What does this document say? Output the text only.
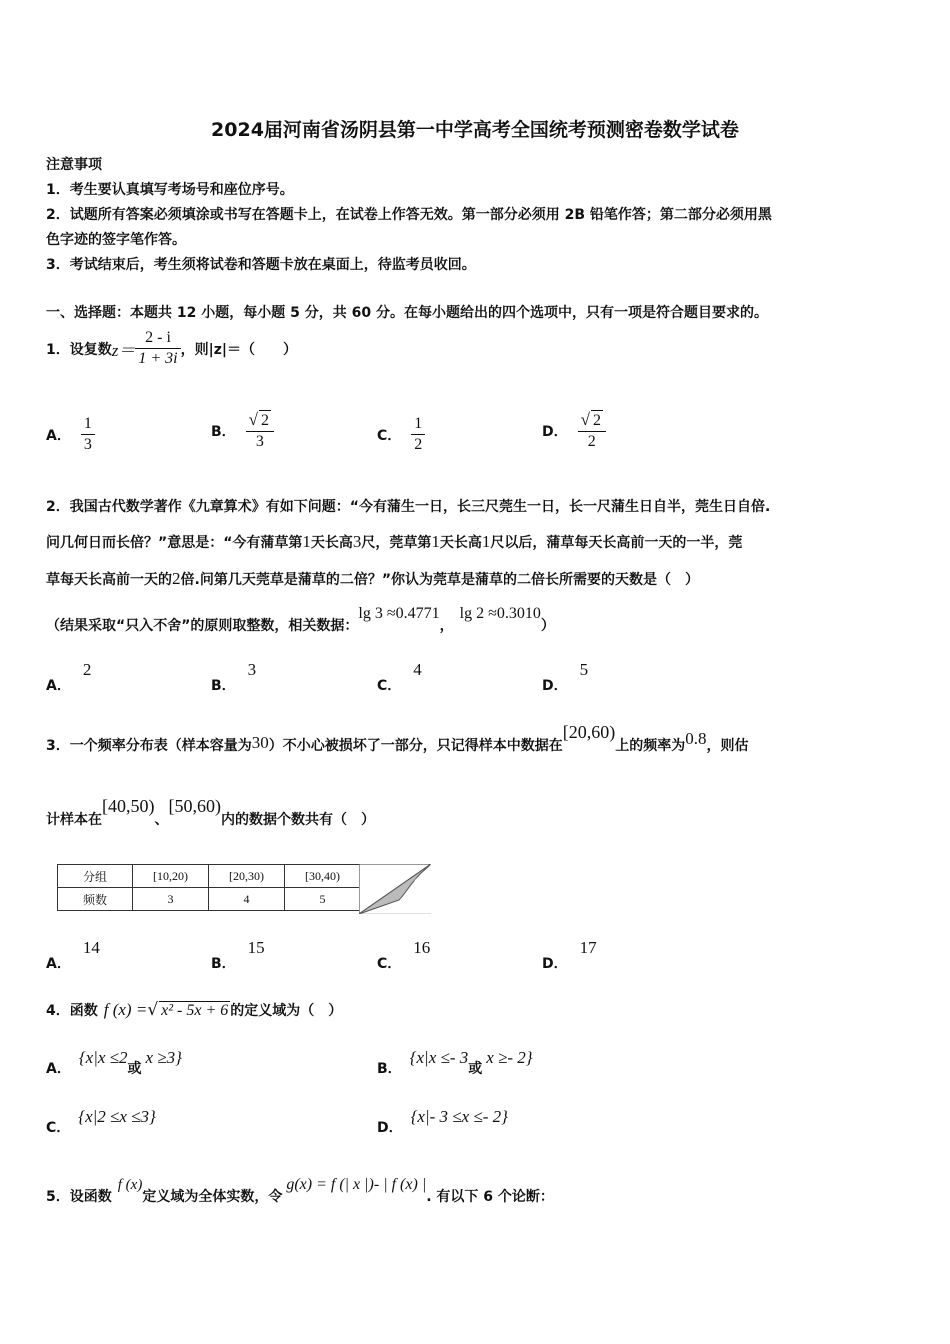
2024届河南省汤阴县第一中学高考全国统考预测密卷数学试卷
注意事项
1．考生要认真填写考场号和座位序号。
2．试题所有答案必须填涂或书写在答题卡上，在试卷上作答无效。第一部分必须用 2B 铅笔作答；第二部分必须用黑
色字迹的签字笔作答。
3．考试结束后，考生须将试卷和答题卡放在桌面上，待监考员收回。
一、选择题：本题共 12 小题，每小题 5 分，共 60 分。在每小题给出的四个选项中，只有一项是符合题目要求的。
1．设复数 $z= \frac{2 - i}{1 + 3i}$ ，则|z|＝（　　）
A． $\frac{1}{3}$	B． $\frac{√ 2}{3}$	C． $\frac{1}{2}$	D． $\frac{√ 2}{2}$
2．我国古代数学著作《九章算术》有如下问题：“今有蒲生一日，长三尺莞生一日，长一尺蒲生日自半，莞生日自倍.
问几何日而长倍？”意思是：“今有蒲草第1天长高3尺，莞草第1天长高1尺以后，蒲草每天长高前一天的一半，莞
草每天长高前一天的2倍.问第几天莞草是蒲草的二倍？”你认为莞草是蒲草的二倍长所需要的天数是（　）
（结果采取“只入不舍”的原则取整数，相关数据：lg 3 ≈0.4771，lg 2 ≈0.3010）
A．2
B．3
C．4
D．5
3．一个频率分布表（样本容量为30）不小心被损坏了一部分，只记得样本中数据在[20,60)上的频率为0.8，则估
计样本在[40,50)、[50,60)内的数据个数共有（　）
分组	[10,20)	[20,30)	[30,40)
频数	3	4	5
A．14
B．15
C．16
D．17
4．函数 f (x) = √ x² - 5x + 6 的定义域为（　）
A．
{x|x ≤2
或
x ≥3}
B．
{x|x ≤- 3
或
x ≥- 2}
C．
{x|2 ≤x ≤3}
D．
{x|- 3 ≤x ≤- 2}
5．设函数f (x)定义域为全体实数，令g(x) = f (| x |)- | f (x) |. 有以下 6 个论断：
